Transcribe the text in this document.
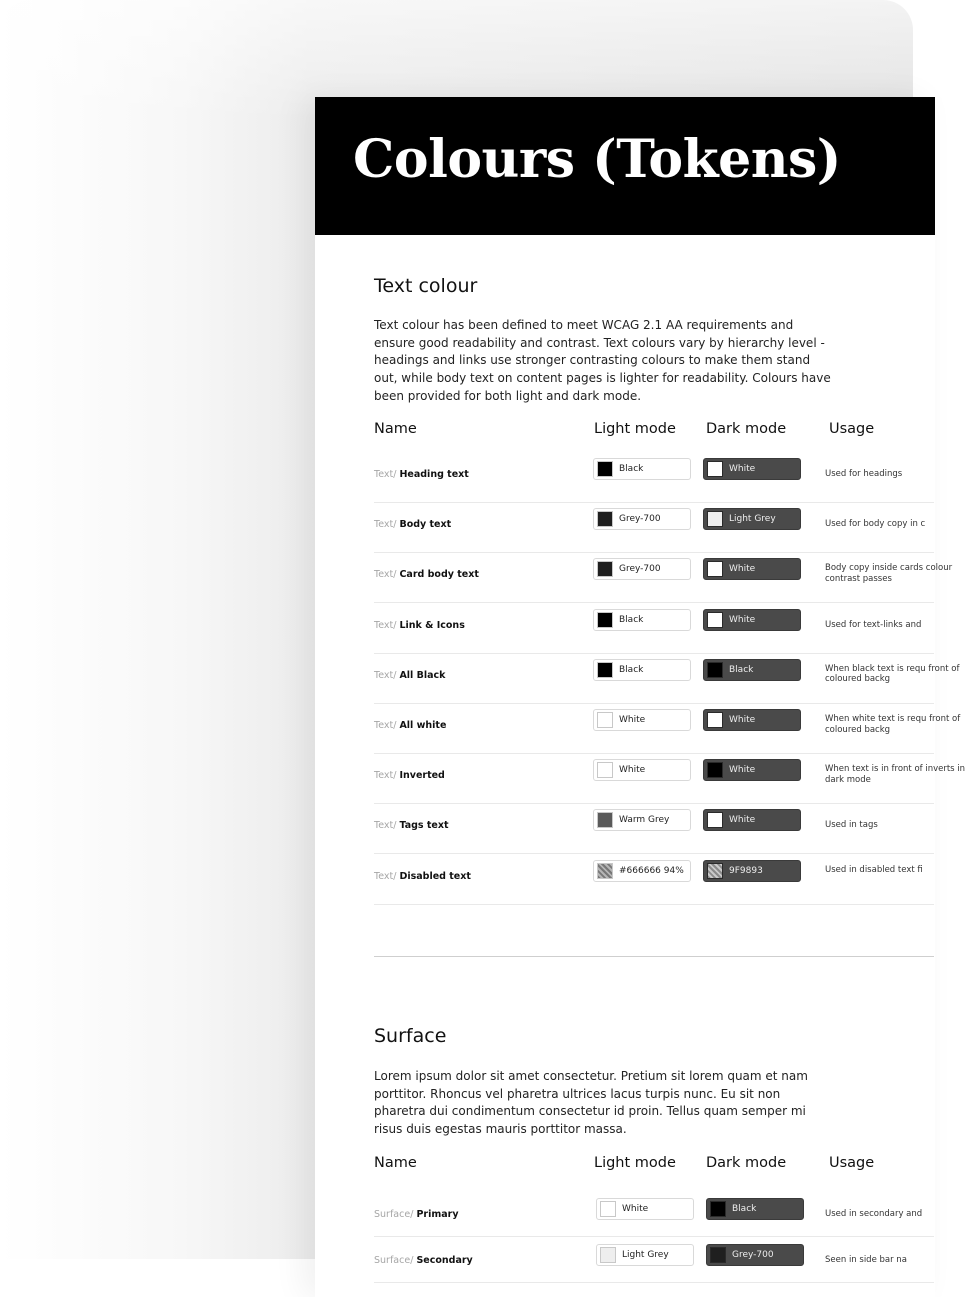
Colours (Tokens)
Text colour

Text colour has been defined to meet WCAG 2.1 AA requirements and ensure good readability and contrast. Text colours vary by hierarchy level - headings and links use stronger contrasting colours to make them stand out, while body text on content pages is lighter for readability. Colours have been provided for both light and dark mode.

Name	Light mode Dark mode	Usage
Text/ Heading text	Black	White	Used for headings
Text/ Body text	Grey-700	Light Grey	Used for body copy in c
Text/ Card body text	Grey-700	White	Body copy inside cards colour contrast passes
Text/ Link & Icons	Black	White	Used for text-links and
Text/ All Black	Black	Black	When black text is requ front of coloured backg
Text/ All white	White	White	When white text is requ front of coloured backg
Text/ Inverted	White	White	When text is in front of inverts in dark mode
Text/ Tags text	Warm Grey	White	Used in tags
Text/ Disabled text	#666666 94%	9F9893	Used in disabled text fi
Surface

Lorem ipsum dolor sit amet consectetur. Pretium sit lorem quam et nam porttitor. Rhoncus vel pharetra ultrices lacus turpis nunc. Eu sit non pharetra dui condimentum consectetur id proin. Tellus quam semper mi risus duis egestas mauris porttitor massa.

Name	Light mode Dark mode	Usage
Surface/ Primary	White	Black	Used in secondary and
Surface/ Secondary	Light Grey	Grey-700	Seen in side bar na
